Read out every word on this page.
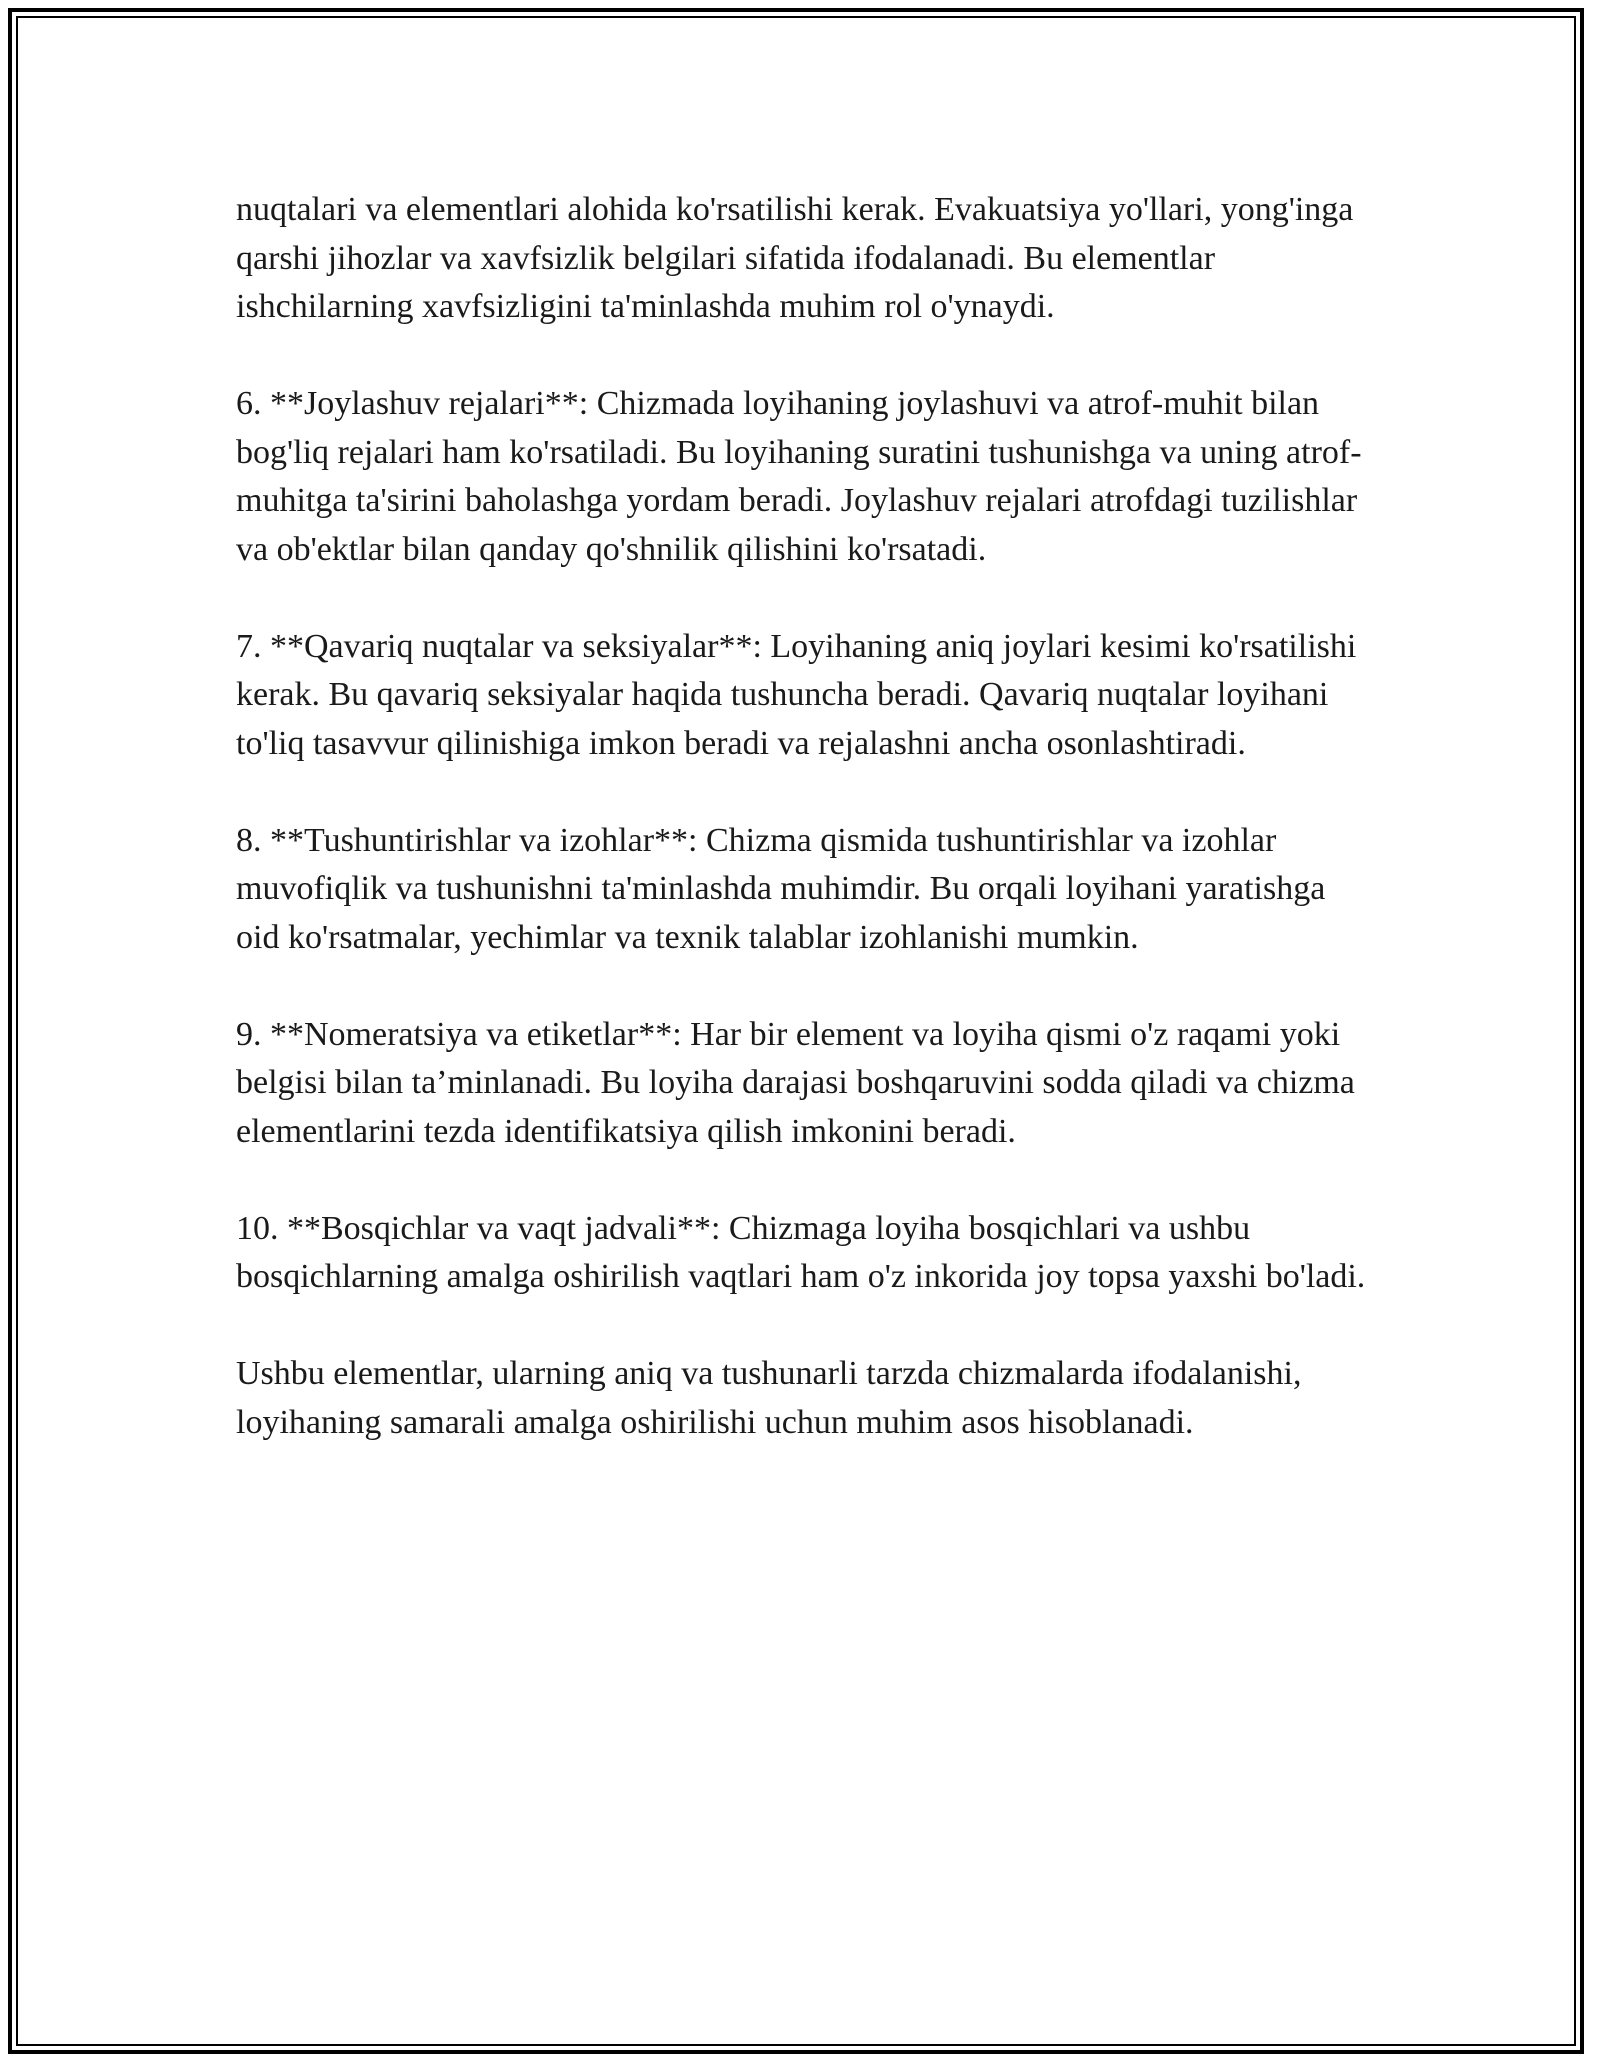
nuqtalari va elementlari alohida ko'rsatilishi kerak. Evakuatsiya yo'llari, yong'inga qarshi jihozlar va xavfsizlik belgilari sifatida ifodalanadi. Bu elementlar ishchilarning xavfsizligini ta'minlashda muhim rol o'ynaydi.

6. **Joylashuv rejalari**: Chizmada loyihaning joylashuvi va atrof-muhit bilan bog'liq rejalari ham ko'rsatiladi. Bu loyihaning suratini tushunishga va uning atrof-muhitga ta'sirini baholashga yordam beradi. Joylashuv rejalari atrofdagi tuzilishlar va ob'ektlar bilan qanday qo'shnilik qilishini ko'rsatadi.

7. **Qavariq nuqtalar va seksiyalar**: Loyihaning aniq joylari kesimi ko'rsatilishi kerak. Bu qavariq seksiyalar haqida tushuncha beradi. Qavariq nuqtalar loyihani to'liq tasavvur qilinishiga imkon beradi va rejalashni ancha osonlashtiradi.

8. **Tushuntirishlar va izohlar**: Chizma qismida tushuntirishlar va izohlar muvofiqlik va tushunishni ta'minlashda muhimdir. Bu orqali loyihani yaratishga oid ko'rsatmalar, yechimlar va texnik talablar izohlanishi mumkin.

9. **Nomeratsiya va etiketlar**: Har bir element va loyiha qismi o'z raqami yoki belgisi bilan ta’minlanadi. Bu loyiha darajasi boshqaruvini sodda qiladi va chizma elementlarini tezda identifikatsiya qilish imkonini beradi.

10. **Bosqichlar va vaqt jadvali**: Chizmaga loyiha bosqichlari va ushbu bosqichlarning amalga oshirilish vaqtlari ham o'z inkorida joy topsa yaxshi bo'ladi.

Ushbu elementlar, ularning aniq va tushunarli tarzda chizmalarda ifodalanishi, loyihaning samarali amalga oshirilishi uchun muhim asos hisoblanadi.
